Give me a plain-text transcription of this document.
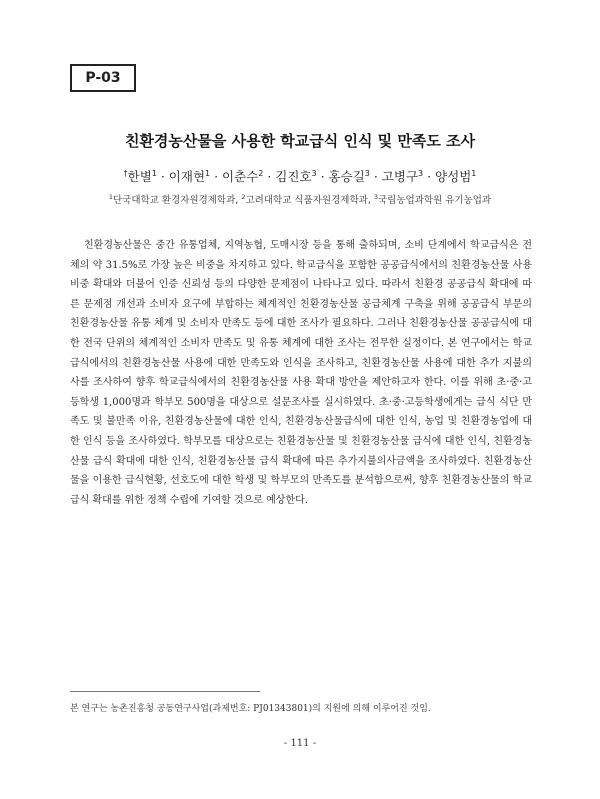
P-03
친환경농산물을 사용한 학교급식 인식 및 만족도 조사
†한별$^1$ · 이재현$^1$ · 이춘수$^2$ · 김진호$^3$ · 홍승길$^3$ · 고병구$^3$ · 양성범$^1$
$^1$단국대학교 환경자원경제학과, $^2$고려대학교 식품자원경제학과, $^3$국립농업과학원 유기농업과

친환경농산물은 중간 유통업체, 지역농협, 도매시장 등을 통해 출하되며, 소비 단계에서 학교급식은 전체의 약 31.5%로 가장 높은 비중을 차지하고 있다. 학교급식을 포함한 공공급식에서의 친환경농산물 사용 비중 확대와 더불어 인증 신뢰성 등의 다양한 문제점이 나타나고 있다. 따라서 친환경 공공급식 확대에 따른 문제점 개선과 소비자 요구에 부합하는 체계적인 친환경농산물 공급체계 구축을 위해 공공급식 부문의 친환경농산물 유통 체계 및 소비자 만족도 등에 대한 조사가 필요하다. 그러나 친환경농산물 공공급식에 대한 전국 단위의 체계적인 소비자 만족도 및 유통 체계에 대한 조사는 전무한 실정이다. 본 연구에서는 학교급식에서의 친환경농산물 사용에 대한 만족도와 인식을 조사하고, 친환경농산물 사용에 대한 추가 지불의사를 조사하여 향후 학교급식에서의 친환경농산물 사용 확대 방안을 제안하고자 한다. 이를 위해 초·중·고등학생 1,000명과 학부모 500명을 대상으로 설문조사를 실시하였다. 초·중·고등학생에게는 급식 식단 만족도 및 불만족 이유, 친환경농산물에 대한 인식, 친환경농산물급식에 대한 인식, 농업 및 친환경농업에 대한 인식 등을 조사하였다. 학부모를 대상으로는 친환경농산물 및 친환경농산물 급식에 대한 인식, 친환경농산물 급식 확대에 대한 인식, 친환경농산물 급식 확대에 따른 추가지불의사금액을 조사하였다. 친환경농산물을 이용한 급식현황, 선호도에 대한 학생 및 학부모의 만족도를 분석함으로써, 향후 친환경농산물의 학교급식 확대를 위한 정책 수립에 기여할 것으로 예상한다.

본 연구는 농촌진흥청 공동연구사업(과제번호: PJ01343801)의 지원에 의해 이루어진 것임.
- 111 -
